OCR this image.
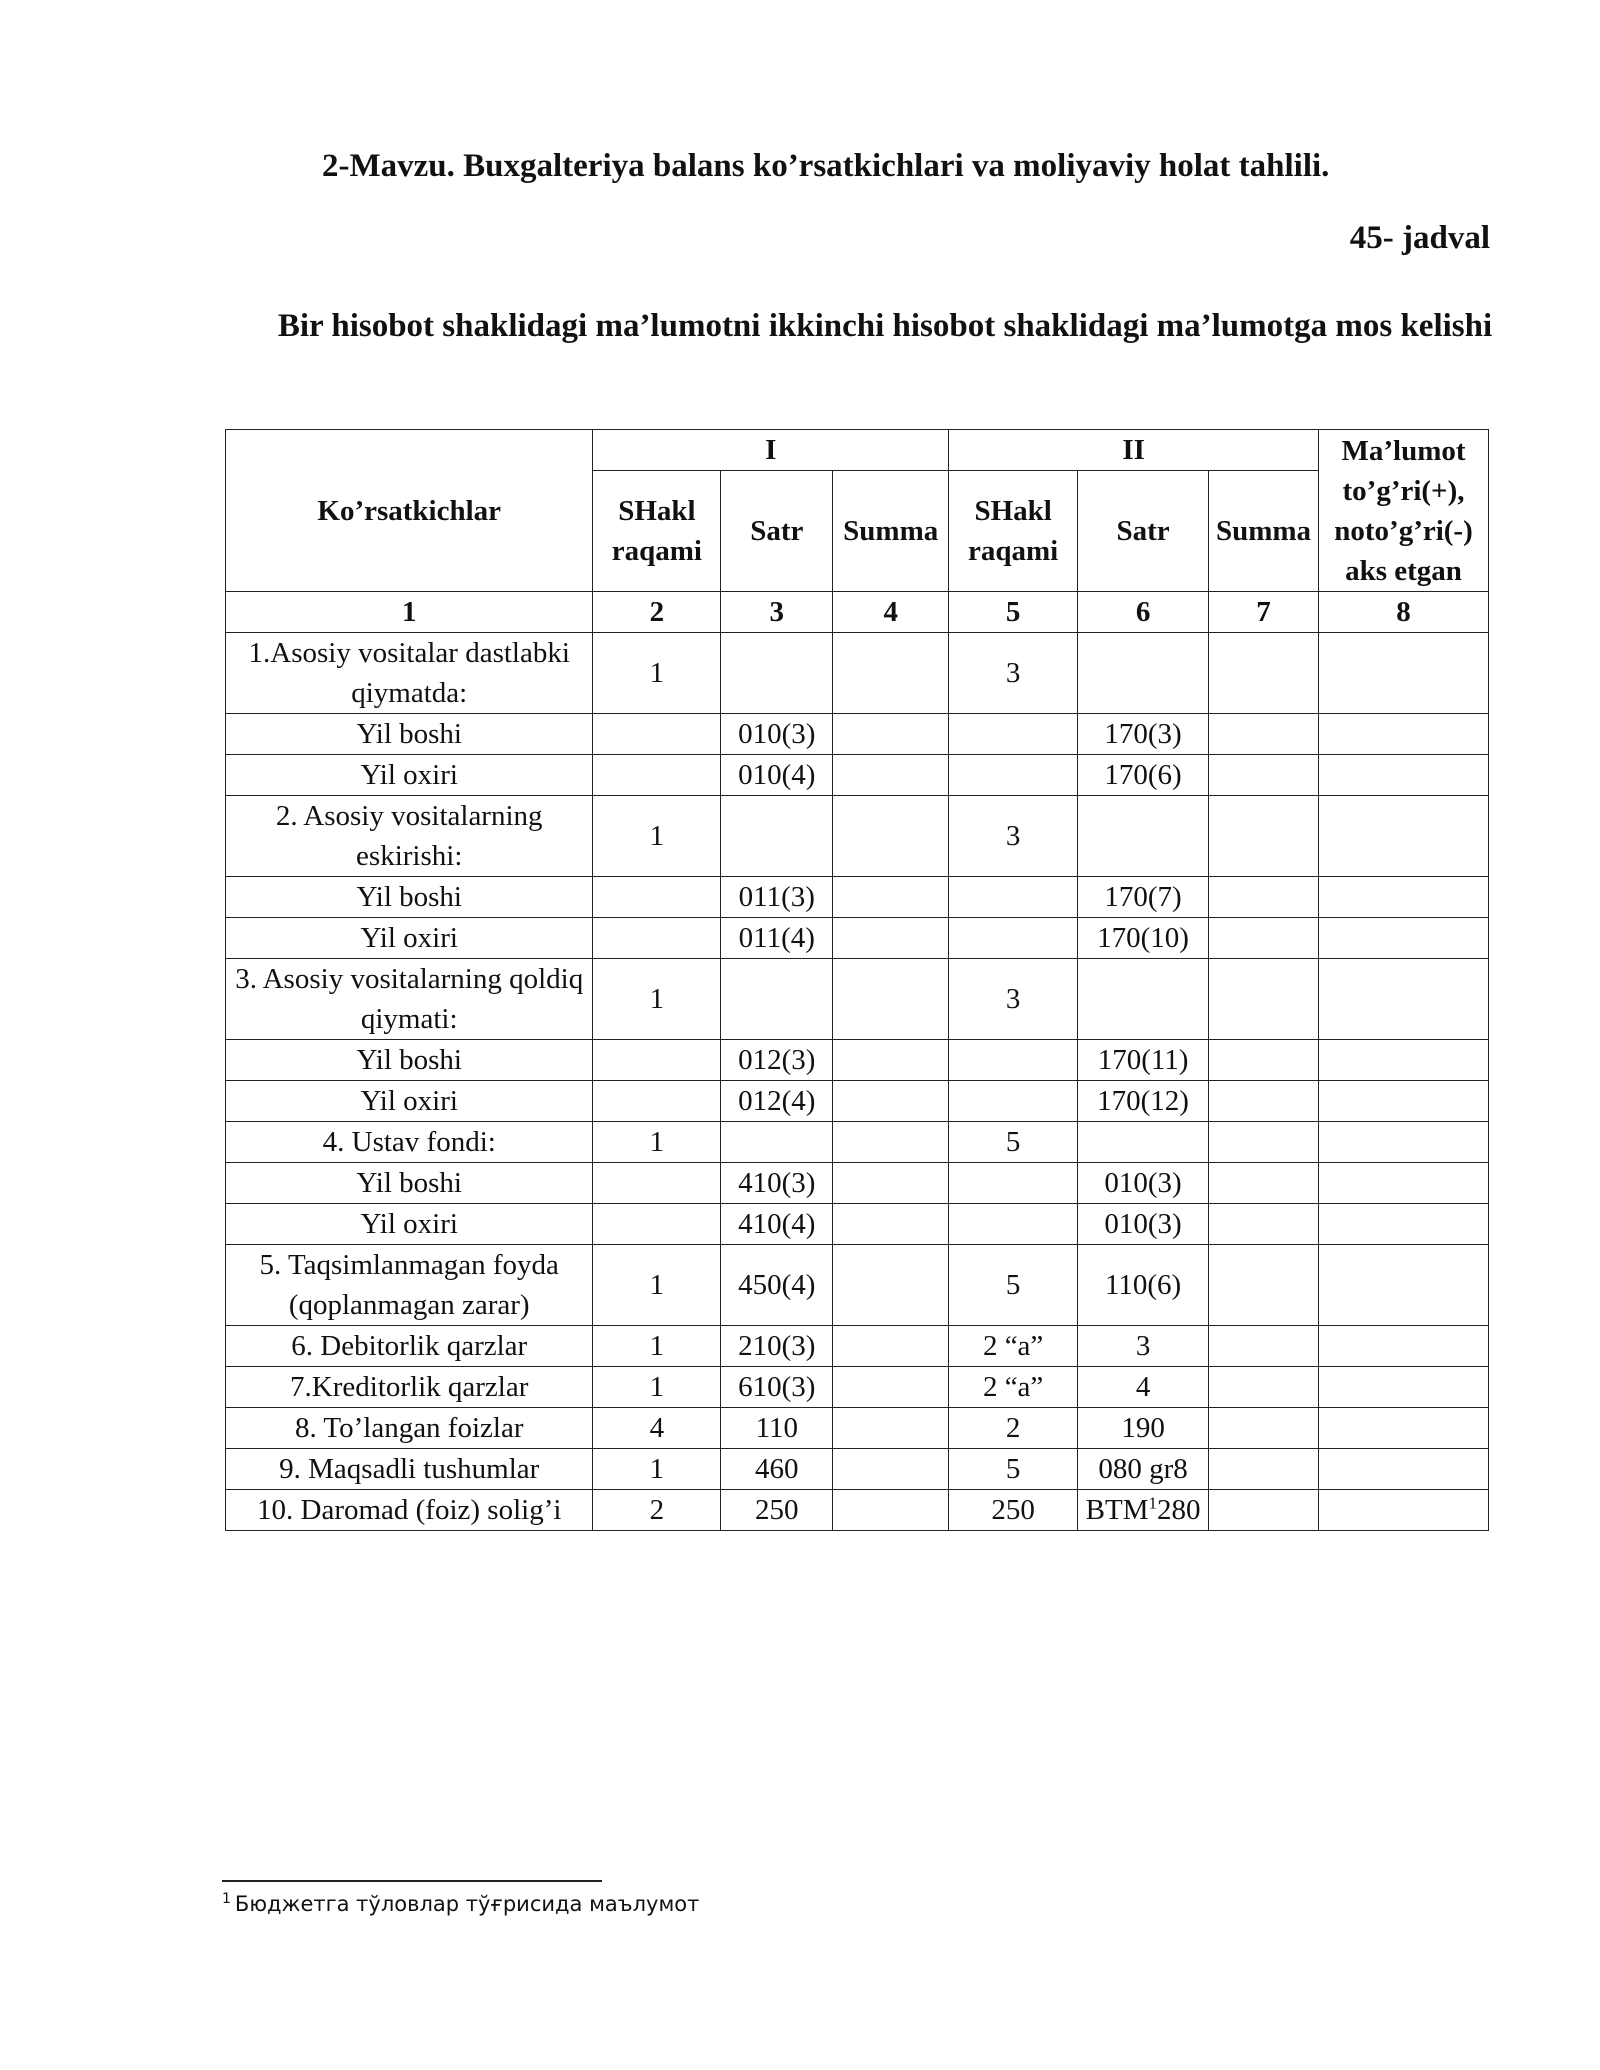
2-Mavzu. Buxgalteriya balans ko’rsatkichlari va moliyaviy holat tahlili.
45- jadval
Bir hisobot shaklidagi ma’lumotni ikkinchi hisobot shaklidagi ma’lumotga mos kelishi
Ko’rsatkichlar	I			II			Ma’lumot to’g’ri(+), noto’g’ri(-) aks etgan
	SHakl raqami	Satr	Summa	SHakl raqami	Satr	Summa	
1	2	3	4	5	6	7	8
1.Asosiy vositalar dastlabki qiymatda:	1			3			
Yil boshi		010(3)			170(3)		
Yil oxiri		010(4)			170(6)		
2. Asosiy vositalarning eskirishi:	1			3			
Yil boshi		011(3)			170(7)		
Yil oxiri		011(4)			170(10)		
3. Asosiy vositalarning qoldiq qiymati:	1			3			
Yil boshi		012(3)			170(11)		
Yil oxiri		012(4)			170(12)		
4. Ustav fondi:	1			5			
Yil boshi		410(3)			010(3)		
Yil oxiri		410(4)			010(3)		
5. Taqsimlanmagan foyda (qoplanmagan zarar)	1	450(4)		5	110(6)		
6. Debitorlik qarzlar	1	210(3)		2 “a”	3		
7.Kreditorlik qarzlar	1	610(3)		2 “a”	4		
8. To’langan foizlar	4	110		2	190		
9. Maqsadli tushumlar	1	460		5	080 gr8		
10. Daromad (foiz) solig’i	2	250		250	BTM$^1$280		
$^1$ Бюджетга тўловлар тўғрисида маълумот
